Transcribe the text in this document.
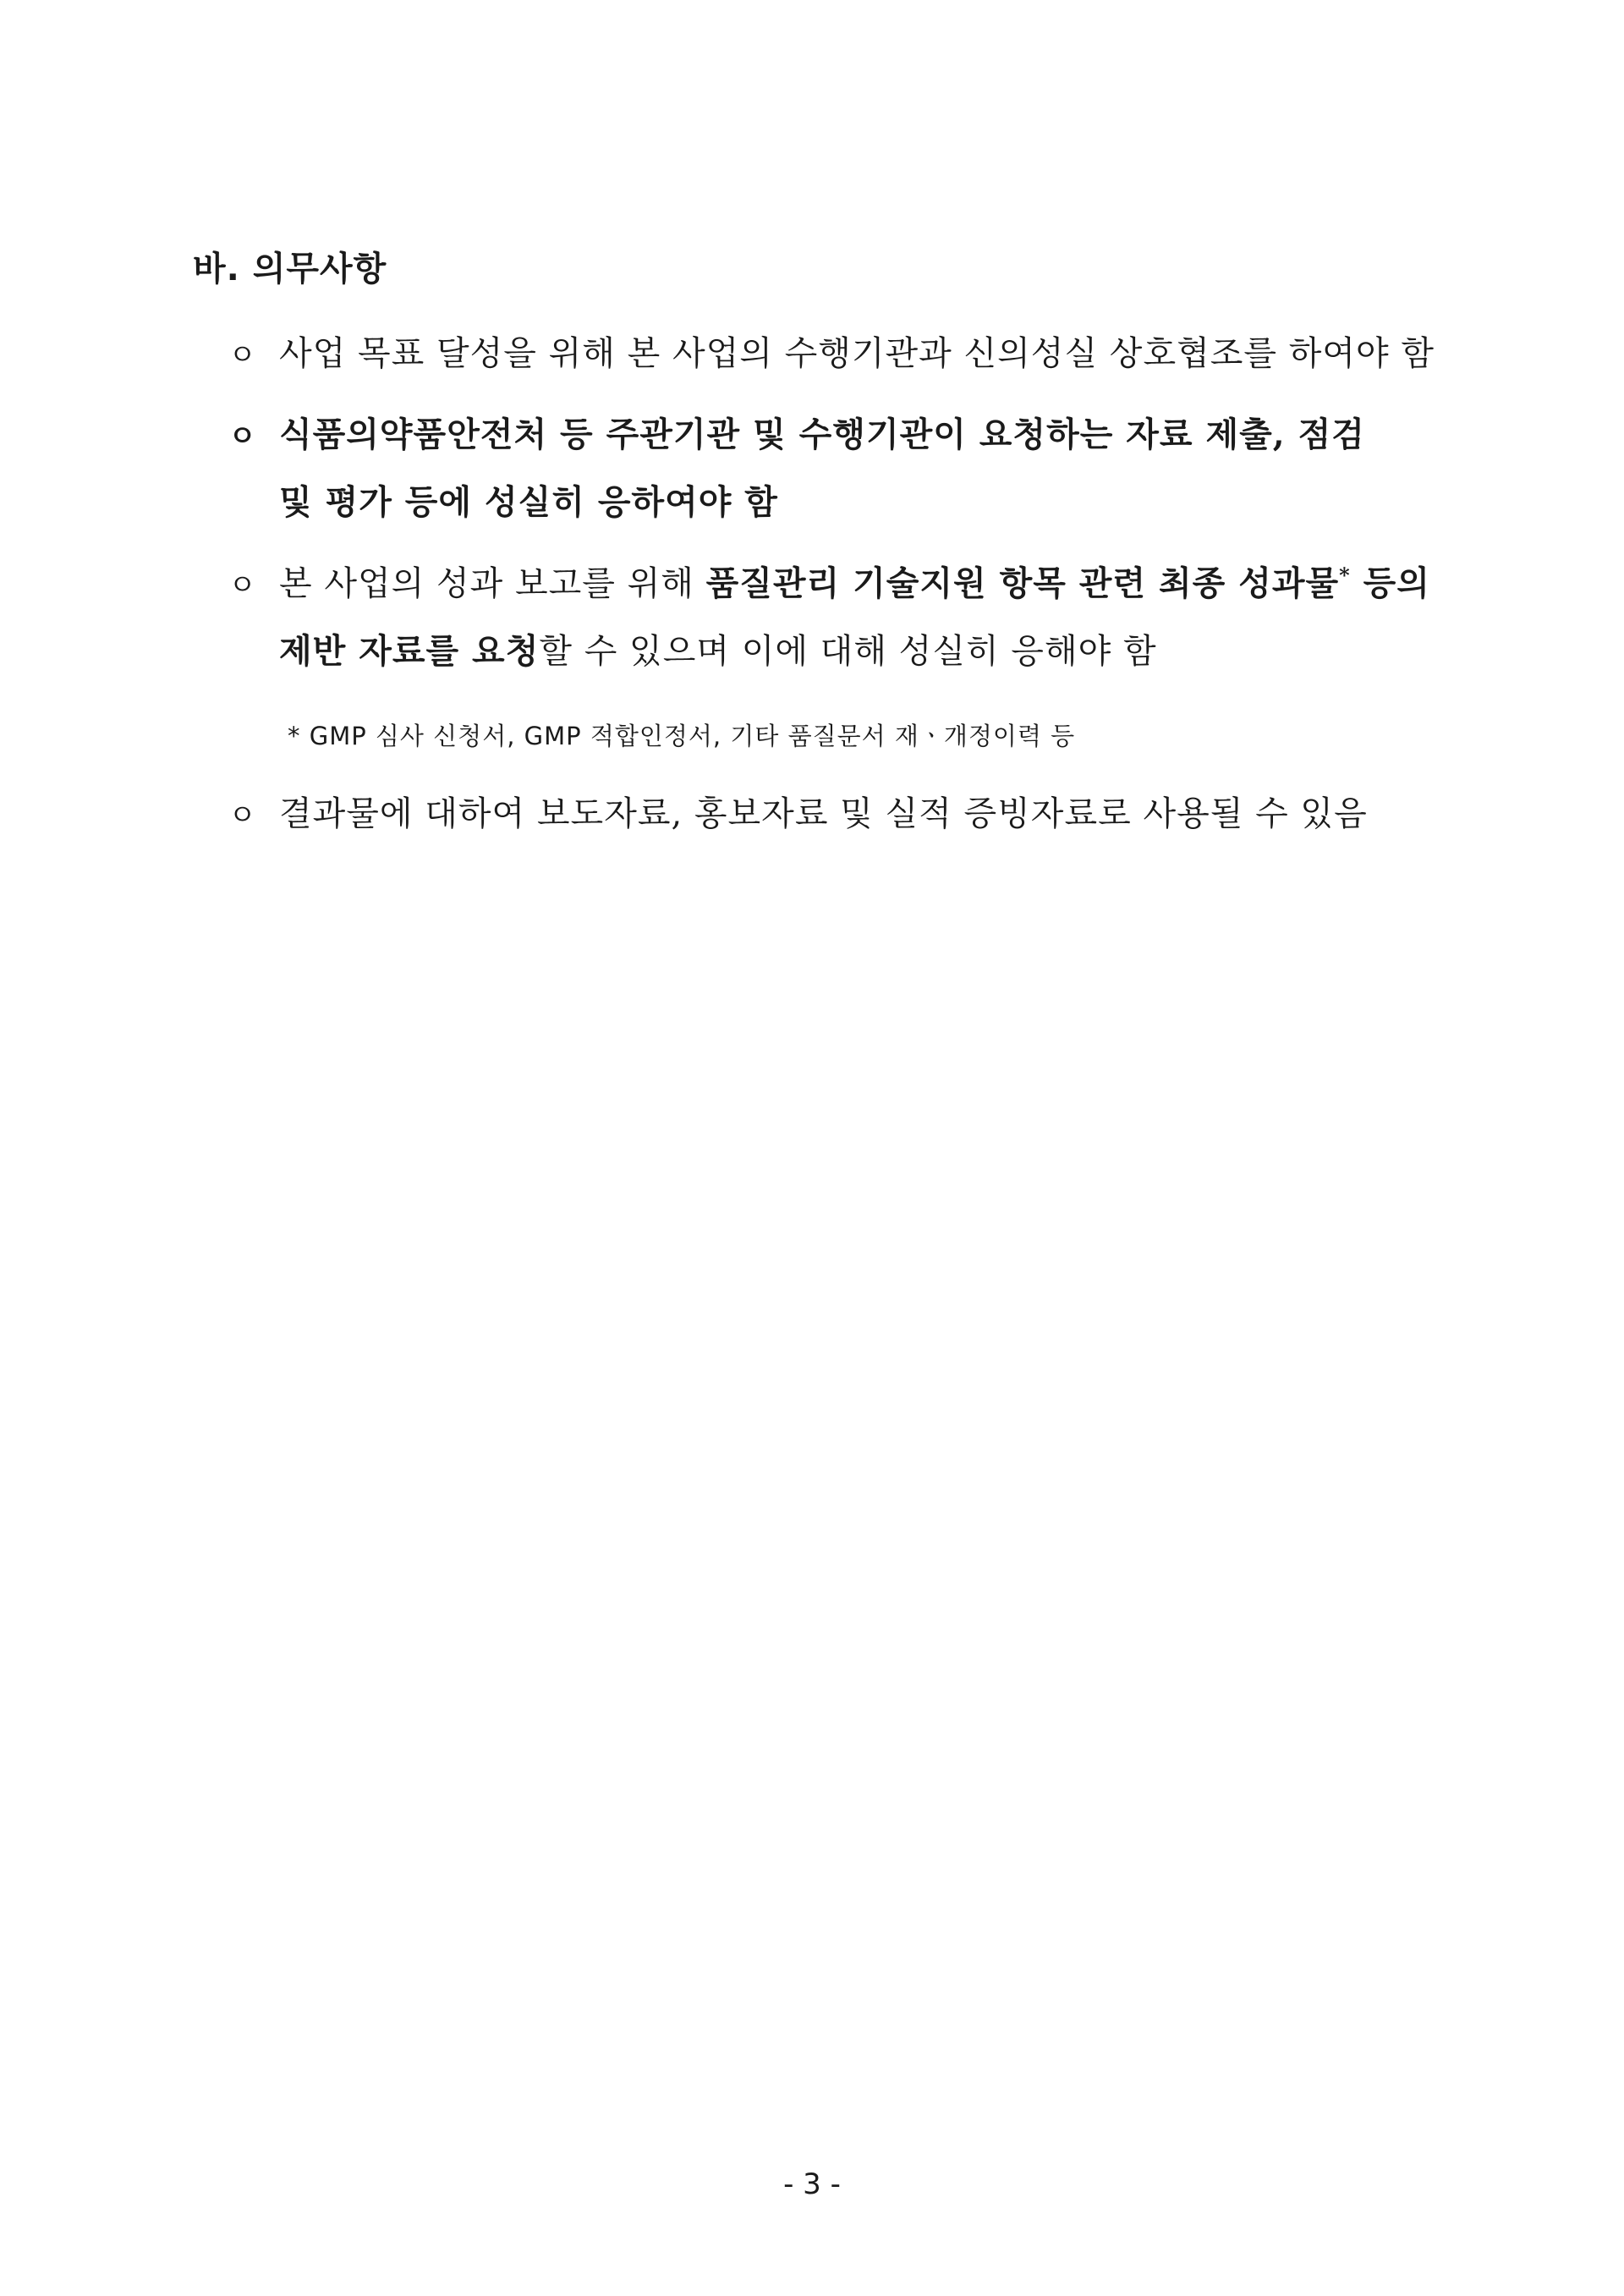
바. 의무사항
ㅇ 사업 목표 달성을 위해 본 사업의 수행기관과 신의성실 상호협조를 하여야 함
ㅇ 식품의약품안전처 등 주관기관 및 수행기관이 요청하는 자료 제출, 점검
및 평가 등에 성실히 응하여야 함
ㅇ 본 사업의 성과 보고를 위해 품질관리 기술지원 항목 관련 최종 성과물* 등의
제반 자료를 요청할 수 있으며 이에 대해 성실히 응해야 함
* GMP 심사 신청서, GMP 적합인정서, 기타 품질문서 재ㆍ개정이력 등
ㅇ 결과물에 대하여 보도자료, 홍보자료 및 실적 증빙자료로 사용될 수 있음
- 3 -
